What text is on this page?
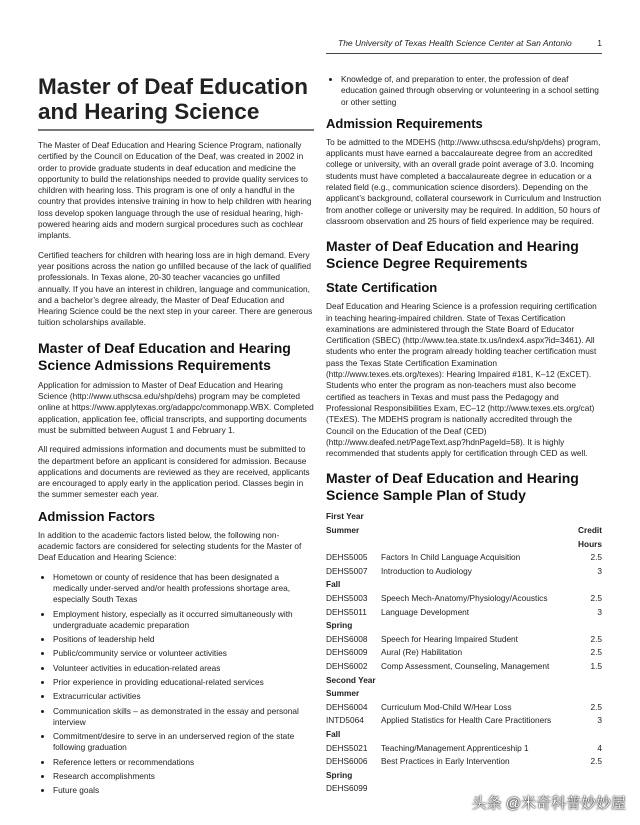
The University of Texas Health Science Center at San Antonio	1
Master of Deaf Education and Hearing Science

The Master of Deaf Education and Hearing Science Program, nationally certified by the Council on Education of the Deaf, was created in 2002 in order to provide graduate students in deaf education and medicine the opportunity to build the relationships needed to provide quality services to children with hearing loss. This program is one of only a handful in the country that provides intensive training in how to help children with hearing loss develop spoken language through the use of residual hearing, high-powered hearing aids and modern surgical procedures such as cochlear implants.

Certified teachers for children with hearing loss are in high demand. Every year positions across the nation go unfilled because of the lack of qualified professionals. In Texas alone, 20-30 teacher vacancies go unfilled annually. If you have an interest in children, language and communication, and a bachelor’s degree already, the Master of Deaf Education and Hearing Science could be the next step in your career. There are generous tuition scholarships available.

Master of Deaf Education and Hearing Science Admissions Requirements

Application for admission to Master of Deaf Education and Hearing Science (http://www.uthscsa.edu/shp/dehs) program may be completed online at https://www.applytexas.org/adappc/commonapp.WBX. Completed application, application fee, official transcripts, and supporting documents must be submitted between August 1 and February 1.

All required admissions information and documents must be submitted to the department before an applicant is considered for admission. Because applications and documents are reviewed as they are received, applicants are encouraged to apply early in the application period. Classes begin in the summer semester each year.

Admission Factors

In addition to the academic factors listed below, the following non-academic factors are considered for selecting students for the Master of Deaf Education and Hearing Science:

• Hometown or county of residence that has been designated a medically under-served and/or health professions shortage area, especially South Texas
• Employment history, especially as it occurred simultaneously with undergraduate academic preparation
• Positions of leadership held
• Public/community service or volunteer activities
• Volunteer activities in education-related areas
• Prior experience in providing educational-related services
• Extracurricular activities
• Communication skills – as demonstrated in the essay and personal interview
• Commitment/desire to serve in an underserved region of the state following graduation
• Reference letters or recommendations
• Research accomplishments
• Future goals
• Knowledge of, and preparation to enter, the profession of deaf education gained through observing or volunteering in a school setting or other setting
Admission Requirements

To be admitted to the MDEHS (http://www.uthscsa.edu/shp/dehs) program, applicants must have earned a baccalaureate degree from an accredited college or university, with an overall grade point average of 3.0. Incoming students must have completed a baccalaureate degree in education or a related field (e.g., communication science disorders). Depending on the applicant’s background, collateral coursework in Curriculum and Instruction from another college or university may be required. In addition, 50 hours of classroom observation and 25 hours of field experience may be required.

Master of Deaf Education and Hearing Science Degree Requirements
State Certification

Deaf Education and Hearing Science is a profession requiring certification in teaching hearing-impaired children. State of Texas Certification examinations are administered through the State Board of Educator Certification (SBEC) (http://www.tea.state.tx.us/index4.aspx?id=3461). All students who enter the program already holding teacher certification must pass the Texas State Certification Examination (http://www.texes.ets.org/texes): Hearing Impaired #181, K–12 (ExCET). Students who enter the program as non-teachers must also become certified as teachers in Texas and must pass the Pedagogy and Professional Responsibilities Exam, EC–12 (http://www.texes.ets.org/cat) (TExES). The MDEHS program is nationally accredited through the Council on the Education of the Deaf (CED) (http://www.deafed.net/PageText.asp?hdnPageId=58). It is highly recommended that students apply for certification through CED as well.

Master of Deaf Education and Hearing Science Sample Plan of Study
First Year		
Summer		Credit
Hours
DEHS5005	Factors In Child Language Acquisition	2.5
DEHS5007	Introduction to Audiology	3
Fall		
DEHS5003	Speech Mech-Anatomy/Physiology/Acoustics	2.5
DEHS5011	Language Development	3
Spring		
DEHS6008	Speech for Hearing Impaired Student	2.5
DEHS6009	Aural (Re) Habilitation	2.5
DEHS6002	Comp Assessment, Counseling, Management	1.5
Second Year		
Summer		
DEHS6004	Curriculum Mod-Child W/Hear Loss	2.5
INTD5064	Applied Statistics for Health Care Practitioners	3
Fall		
DEHS5021	Teaching/Management Apprenticeship 1	4
DEHS6006	Best Practices in Early Intervention	2.5
Spring		
DEHS6099		
头条 @米奇科普妙妙屋
